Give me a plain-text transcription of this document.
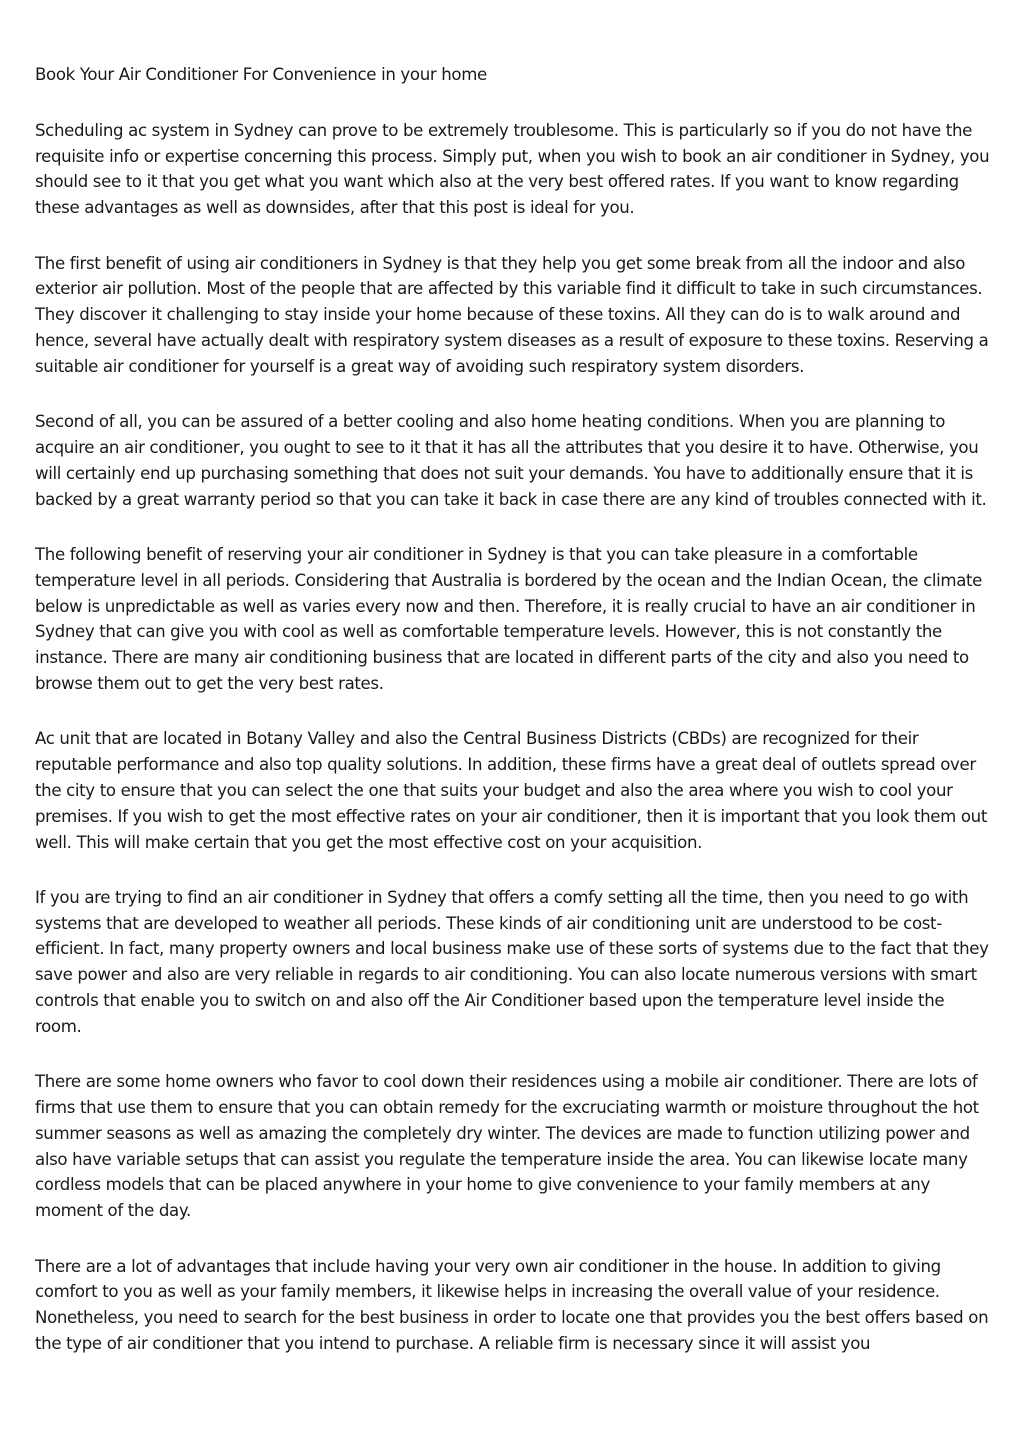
Book Your Air Conditioner For Convenience in your home

Scheduling ac system in Sydney can prove to be extremely troublesome. This is particularly so if you do not have the requisite info or expertise concerning this process. Simply put, when you wish to book an air conditioner in Sydney, you should see to it that you get what you want which also at the very best offered rates. If you want to know regarding these advantages as well as downsides, after that this post is ideal for you.

The first benefit of using air conditioners in Sydney is that they help you get some break from all the indoor and also exterior air pollution. Most of the people that are affected by this variable find it difficult to take in such circumstances. They discover it challenging to stay inside your home because of these toxins. All they can do is to walk around and hence, several have actually dealt with respiratory system diseases as a result of exposure to these toxins. Reserving a suitable air conditioner for yourself is a great way of avoiding such respiratory system disorders.

Second of all, you can be assured of a better cooling and also home heating conditions. When you are planning to acquire an air conditioner, you ought to see to it that it has all the attributes that you desire it to have. Otherwise, you will certainly end up purchasing something that does not suit your demands. You have to additionally ensure that it is backed by a great warranty period so that you can take it back in case there are any kind of troubles connected with it.

The following benefit of reserving your air conditioner in Sydney is that you can take pleasure in a comfortable temperature level in all periods. Considering that Australia is bordered by the ocean and the Indian Ocean, the climate below is unpredictable as well as varies every now and then. Therefore, it is really crucial to have an air conditioner in Sydney that can give you with cool as well as comfortable temperature levels. However, this is not constantly the instance. There are many air conditioning business that are located in different parts of the city and also you need to browse them out to get the very best rates.

Ac unit that are located in Botany Valley and also the Central Business Districts (CBDs) are recognized for their reputable performance and also top quality solutions. In addition, these firms have a great deal of outlets spread over the city to ensure that you can select the one that suits your budget and also the area where you wish to cool your premises. If you wish to get the most effective rates on your air conditioner, then it is important that you look them out well. This will make certain that you get the most effective cost on your acquisition.

If you are trying to find an air conditioner in Sydney that offers a comfy setting all the time, then you need to go with systems that are developed to weather all periods. These kinds of air conditioning unit are understood to be cost-efficient. In fact, many property owners and local business make use of these sorts of systems due to the fact that they save power and also are very reliable in regards to air conditioning. You can also locate numerous versions with smart controls that enable you to switch on and also off the Air Conditioner based upon the temperature level inside the room.

There are some home owners who favor to cool down their residences using a mobile air conditioner. There are lots of firms that use them to ensure that you can obtain remedy for the excruciating warmth or moisture throughout the hot summer seasons as well as amazing the completely dry winter. The devices are made to function utilizing power and also have variable setups that can assist you regulate the temperature inside the area. You can likewise locate many cordless models that can be placed anywhere in your home to give convenience to your family members at any moment of the day.

There are a lot of advantages that include having your very own air conditioner in the house. In addition to giving comfort to you as well as your family members, it likewise helps in increasing the overall value of your residence. Nonetheless, you need to search for the best business in order to locate one that provides you the best offers based on the type of air conditioner that you intend to purchase. A reliable firm is necessary since it will assist you
